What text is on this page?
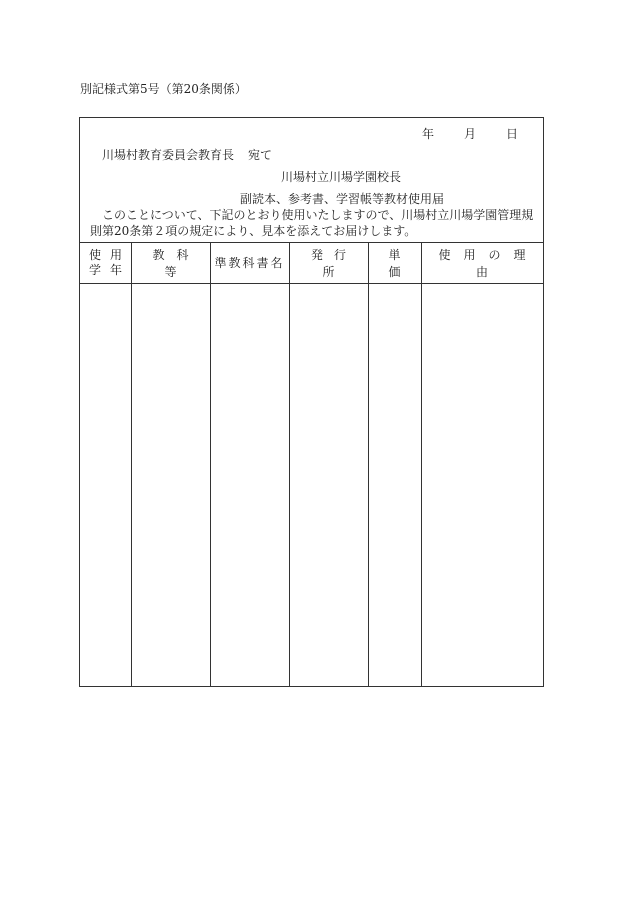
別記様式第5号（第20条関係）
年	月	日
川場村教育委員会教育長 宛て
川場村立川場学園校長
副読本、参考書、学習帳等教材使用届
このことについて、下記のとおり使用いたしますので、川場村立川場学園管理規
則第20条第２項の規定により、見本を添えてお届けします。
使用
学年
教科等
準教科書名
発行所
単価
使用の理由
